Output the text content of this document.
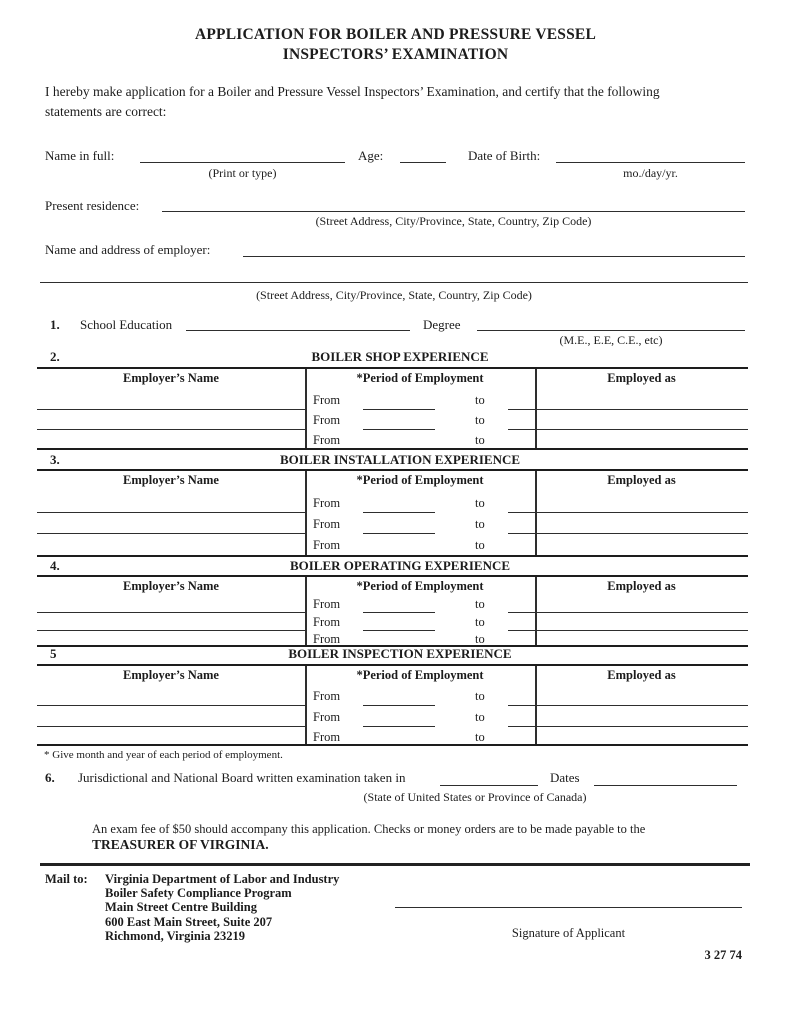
APPLICATION FOR BOILER AND PRESSURE VESSEL
INSPECTORS’ EXAMINATION
I hereby make application for a Boiler and Pressure Vessel Inspectors’ Examination, and certify that the following statements are correct:
Name in full:
(Print or type)
Age:	Date of Birth:
mo./day/yr.
Present residence:
(Street Address, City/Province, State, Country, Zip Code)
Name and address of employer:
(Street Address, City/Province, State, Country, Zip Code)
1. School Education	Degree
(M.E., E.E, C.E., etc)
2.	BOILER SHOP EXPERIENCE
Employer’s Name	*Period of Employment	Employed as
From	to
From	to
From	to
3.	BOILER INSTALLATION EXPERIENCE
Employer’s Name	*Period of Employment	Employed as
From	to
From	to
From	to
4.	BOILER OPERATING EXPERIENCE
Employer’s Name	*Period of Employment	Employed as
From	to
From	to
From	to
5	BOILER INSPECTION EXPERIENCE
Employer’s Name	*Period of Employment	Employed as
From	to
From	to
From	to
* Give month and year of each period of employment.
6. Jurisdictional and National Board written examination taken in	Dates
(State of United States or Province of Canada)
An exam fee of $50 should accompany this application. Checks or money orders are to be made payable to the
TREASURER OF VIRGINIA.
Mail to: Virginia Department of Labor and Industry
Boiler Safety Compliance Program
Main Street Centre Building
600 East Main Street, Suite 207
Richmond, Virginia 23219	Signature of Applicant
3 27 74
